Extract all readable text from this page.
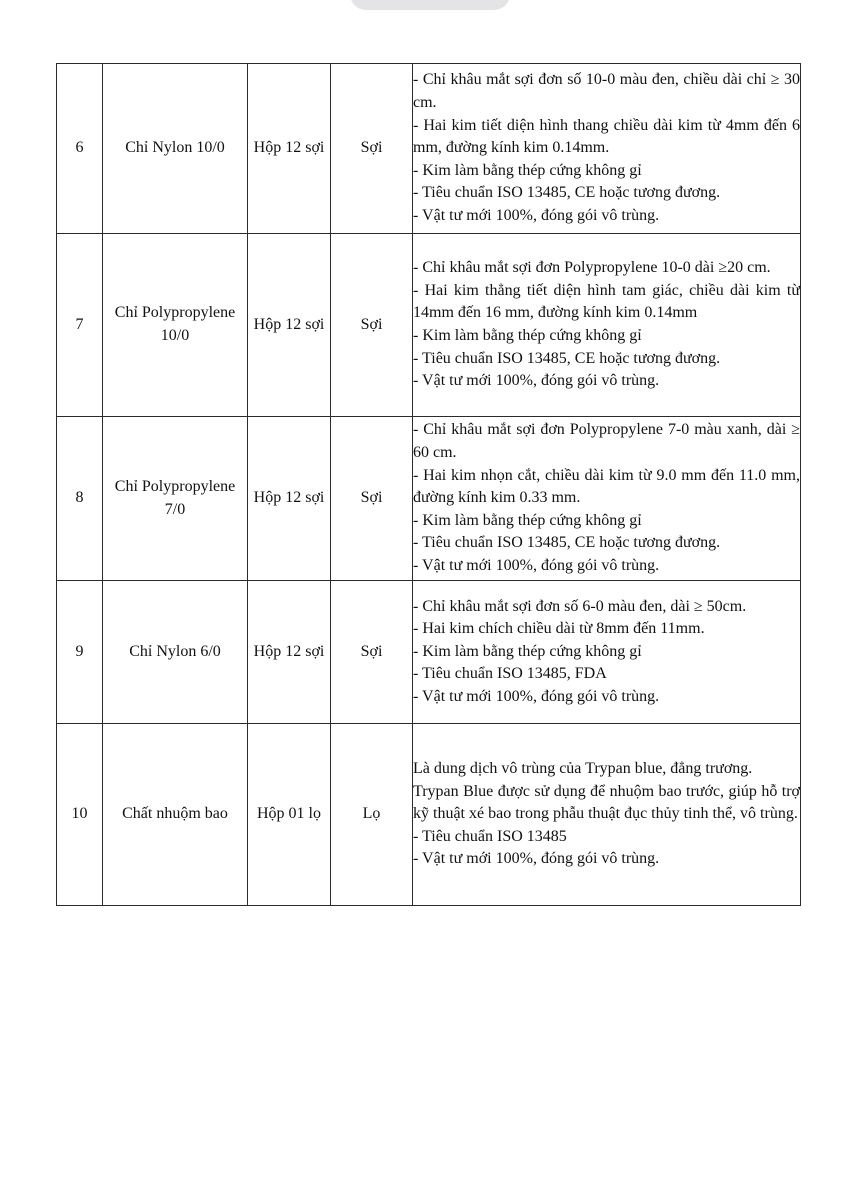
6	Chỉ Nylon 10/0	Hộp 12 sợi	Sợi	- Chỉ khâu mắt sợi đơn số 10-0 màu đen, chiều dài chỉ ≥ 30 cm.
- Hai kim tiết diện hình thang chiều dài kim từ 4mm đến 6 mm, đường kính kim 0.14mm.
- Kim làm bằng thép cứng không gỉ
- Tiêu chuẩn ISO 13485, CE hoặc tương đương.
- Vật tư mới 100%, đóng gói vô trùng.

7	Chỉ Polypropylene 10/0	Hộp 12 sợi	Sợi	- Chỉ khâu mắt sợi đơn Polypropylene 10-0 dài ≥20 cm.
- Hai kim thẳng tiết diện hình tam giác, chiều dài kim từ 14mm đến 16 mm, đường kính kim 0.14mm
- Kim làm bằng thép cứng không gỉ
- Tiêu chuẩn ISO 13485, CE hoặc tương đương.
- Vật tư mới 100%, đóng gói vô trùng.

8	Chỉ Polypropylene 7/0	Hộp 12 sợi	Sợi	- Chỉ khâu mắt sợi đơn Polypropylene 7-0 màu xanh, dài ≥ 60 cm.
- Hai kim nhọn cắt, chiều dài kim từ 9.0 mm đến 11.0 mm, đường kính kim 0.33 mm.
- Kim làm bằng thép cứng không gỉ
- Tiêu chuẩn ISO 13485, CE hoặc tương đương.
- Vật tư mới 100%, đóng gói vô trùng.

9	Chỉ Nylon 6/0	Hộp 12 sợi	Sợi	- Chỉ khâu mắt sợi đơn số 6-0 màu đen, dài ≥ 50cm.
- Hai kim chích chiều dài từ 8mm đến 11mm.
- Kim làm bằng thép cứng không gỉ
- Tiêu chuẩn ISO 13485, FDA
- Vật tư mới 100%, đóng gói vô trùng.

10	Chất nhuộm bao	Hộp 01 lọ	Lọ	Là dung dịch vô trùng của Trypan blue, đẳng trương.
Trypan Blue được sử dụng để nhuộm bao trước, giúp hỗ trợ kỹ thuật xé bao trong phẫu thuật đục thủy tinh thể, vô trùng.
- Tiêu chuẩn ISO 13485
- Vật tư mới 100%, đóng gói vô trùng.
